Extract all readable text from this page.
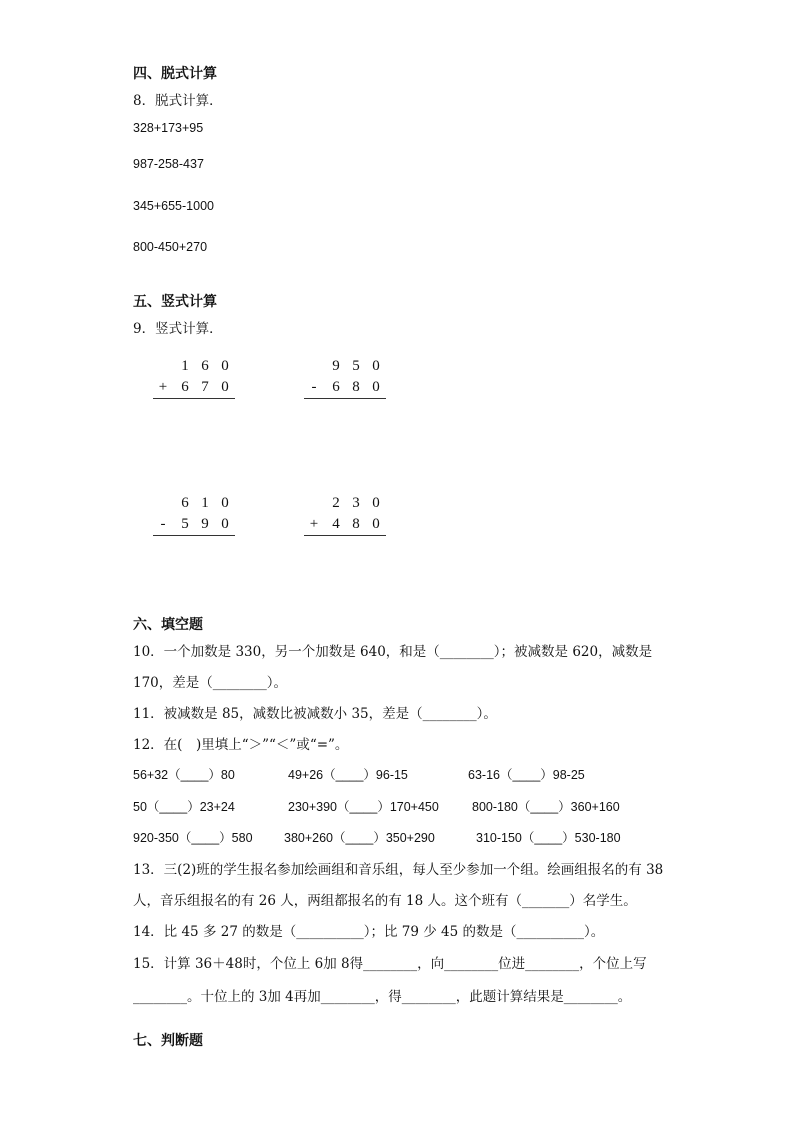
四、脱式计算
8．脱式计算．
328+173+95
987-258-437
345+655-1000
800-450+270
五、竖式计算
9．竖式计算．
1 6 0
+ 6 7 0
9 5 0
-	6 8 0
6 1 0
-	5 9 0
2 3 0
+ 4 8 0
六、填空题
10．一个加数是 330，另一个加数是 640，和是（________）；被减数是 620，减数是
170，差是（________）。
11．被减数是 85，减数比被减数小 35，差是（________）。
12．在(　)里填上“＞”“＜”或“=”。
56+32（____）80	49+26（____）96-15	63-16（____）98-25
50（____）23+24	230+390（____）170+450	800-180（____）360+160
920-350（____）580	380+260（____）350+290	310-150（____）530-180
13．三(2)班的学生报名参加绘画组和音乐组，每人至少参加一个组。绘画组报名的有 38
人，音乐组报名的有 26 人，两组都报名的有 18 人。这个班有（_______）名学生。
14．比 45 多 27 的数是（__________）；比 79 少 45 的数是（__________）。
15．计算 36＋48时，个位上 6加 8得________，向________位进________，个位上写
________。十位上的 3加 4再加________，得________，此题计算结果是________。
七、判断题
